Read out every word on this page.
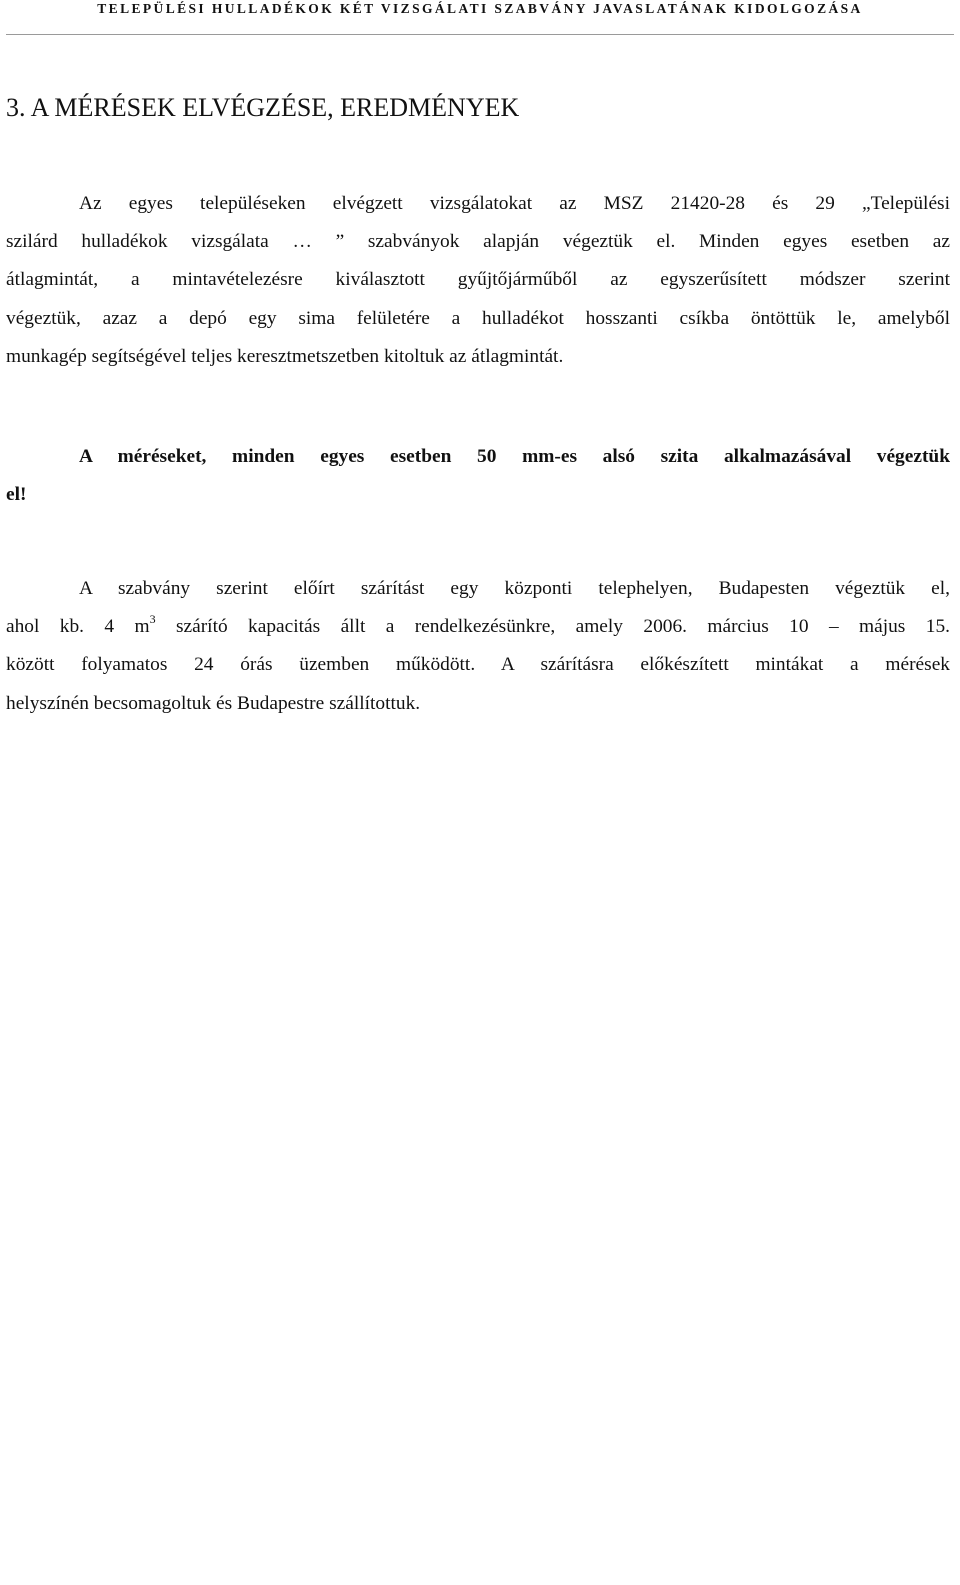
TELEPÜLÉSI HULLADÉKOK KÉT VIZSGÁLATI SZABVÁNY JAVASLATÁNAK KIDOLGOZÁSA
3. A MÉRÉSEK ELVÉGZÉSE, EREDMÉNYEK
Az egyes településeken elvégzett vizsgálatokat az MSZ 21420-28 és 29 „Települési
szilárd hulladékok vizsgálata … ” szabványok alapján végeztük el. Minden egyes esetben az
átlagmintát, a mintavételezésre kiválasztott gyűjtőjárműből az egyszerűsített módszer szerint
végeztük, azaz a depó egy sima felületére a hulladékot hosszanti csíkba öntöttük le, amelyből
munkagép segítségével teljes keresztmetszetben kitoltuk az átlagmintát.
A méréseket, minden egyes esetben 50 mm-es alsó szita alkalmazásával végeztük
el!
A szabvány szerint előírt szárítást egy központi telephelyen, Budapesten végeztük el,
ahol kb. 4 $m^3$ szárító kapacitás állt a rendelkezésünkre, amely 2006. március 10 – május 15.
között folyamatos 24 órás üzemben működött. A szárításra előkészített mintákat a mérések
helyszínén becsomagoltuk és Budapestre szállítottuk.
